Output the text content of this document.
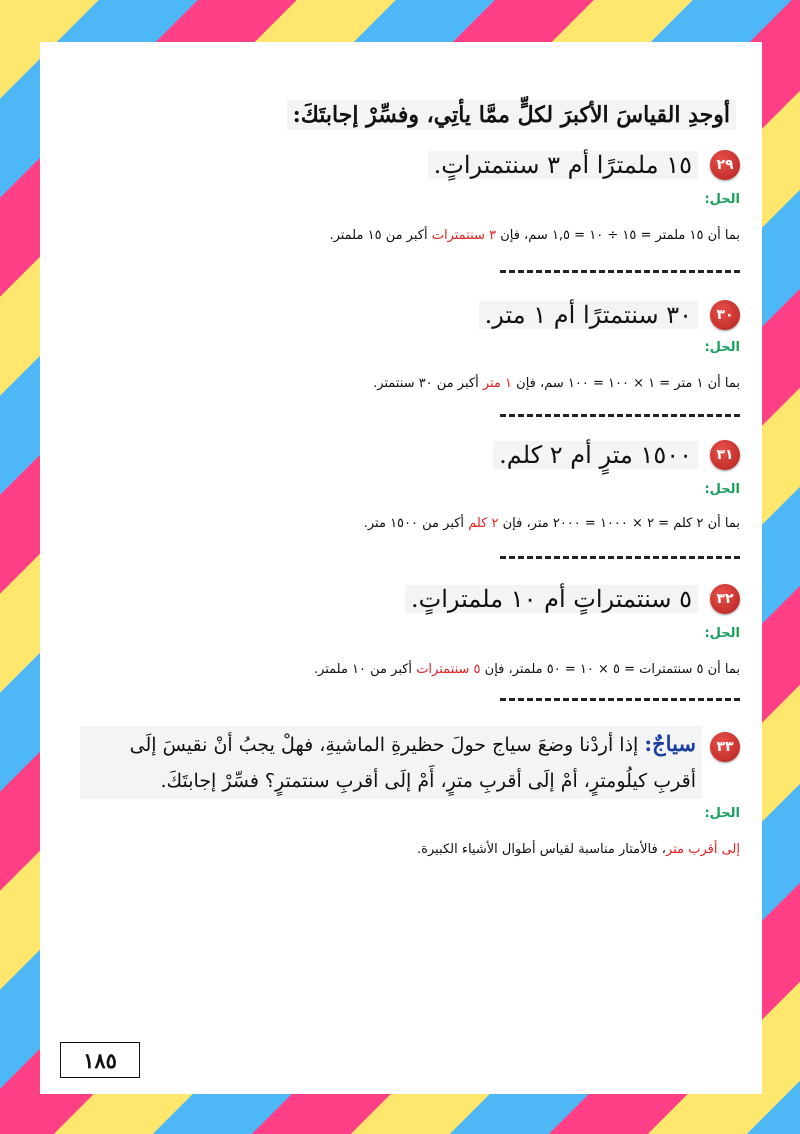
أوجدِ القياسَ الأكبرَ لكلٍّ ممَّا يأتِي، وفسِّرْ إجابتَكَ:
٢٩
١٥ ملمترًا أم ٣ سنتمتراتٍ.
الحل:
بما أن ١٥ ملمتر = ١٥ ÷ ١٠ = ١,٥ سم، فإن ٣ سنتمترات أكبر من ١٥ ملمتر.
٣٠
٣٠ سنتمترًا أم ١ متر.
الحل:
بما أن ١ متر = ١ × ١٠٠ = ١٠٠ سم، فإن ١ متر أكبر من ٣٠ سنتمتر.
٣١
١٥٠٠ مترٍ أم ٢ كلم.
الحل:
بما أن ٢ كلم = ٢ × ١٠٠٠ = ٢٠٠٠ متر، فإن ٢ كلم أكبر من ١٥٠٠ متر.
٣٢
٥ سنتمتراتٍ أم ١٠ ملمتراتٍ.
الحل:
بما أن ٥ سنتمترات = ٥ × ١٠ = ٥٠ ملمتر، فإن ٥ سنتمترات أكبر من ١٠ ملمتر.
٣٣
سياجٌ: إذا أردْنا وضعَ سياج حولَ حظيرةِ الماشيةِ، فهلْ يجبُ أنْ نقيسَ إلَى أقربِ كيلُومترٍ، أمْ إلَى أقربِ مترٍ، أَمْ إلَى أقربِ سنتمترٍ؟ فسِّرْ إجابتَكَ.
الحل:
إلى أقرب متر، فالأمتار مناسبة لقياس أطوال الأشياء الكبيرة.
١٨٥
